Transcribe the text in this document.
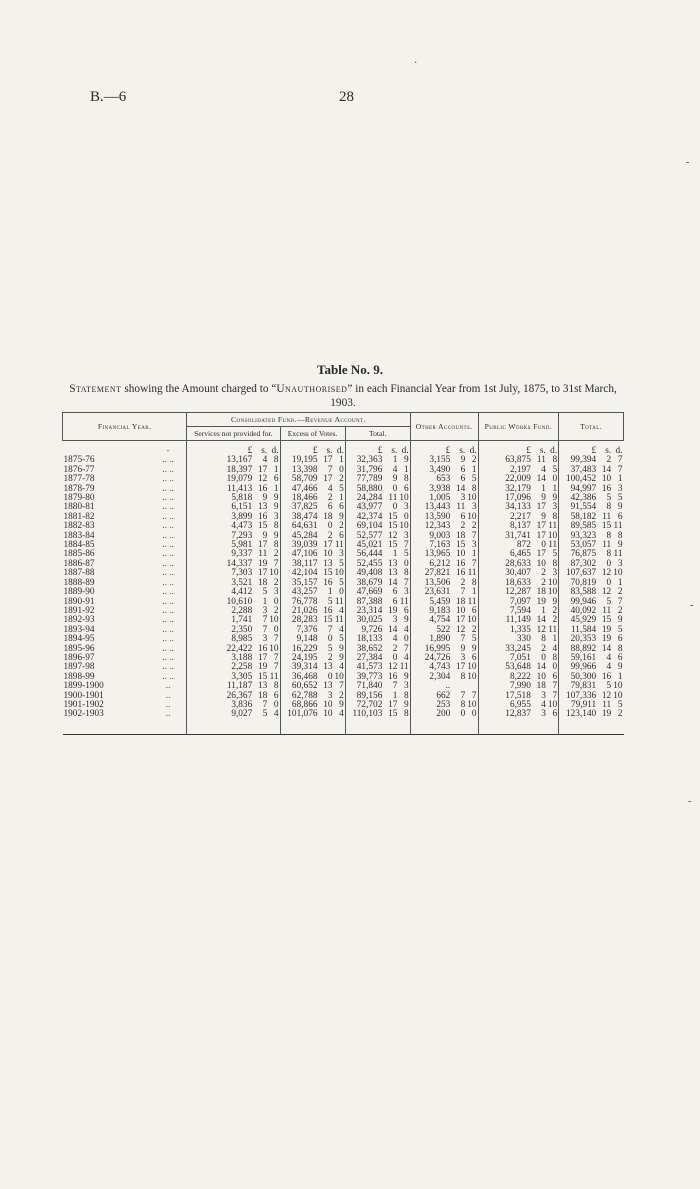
B.—6	28
·
-
-
-
Table No. 9.
Statement showing the Amount charged to “Unauthorised” in each Financial Year from 1st July, 1875, to 31st March, 1903.
Financial Year.		Consolidated Fund.—Revenue Account.									Other Accounts.			Public Works Fund.			Total.		
		Services not provided for.			Excess of Votes.			Total.											
	-	£	s.	d.	£	s.	d.	£	s.	d.	£	s.	d.	£	s.	d.	£	s.	d.
1875-76	.. ..	13,167	4	8	19,195	17	1	32,363	1	9	3,155	9	2	63,875	11	8	99,394	2	7
1876-77	.. ..	18,397	17	1	13,398	7	0	31,796	4	1	3,490	6	1	2,197	4	5	37,483	14	7
1877-78	.. ..	19,079	12	6	58,709	17	2	77,789	9	8	653	6	5	22,009	14	0	100,452	10	1
1878-79	.. ..	11,413	16	1	47,466	4	5	58,880	0	6	3,938	14	8	32,179	1	1	94,997	16	3
1879-80	.. ..	5,818	9	9	18,466	2	1	24,284	11	10	1,005	3	10	17,096	9	9	42,386	5	5
1880-81	.. ..	6,151	13	9	37,825	6	6	43,977	0	3	13,443	11	3	34,133	17	3	91,554	8	9
1881-82	.. ..	3,899	16	3	38,474	18	9	42,374	15	0	13,590	6	10	2,217	9	8	58,182	11	6
1882-83	.. ..	4,473	15	8	64,631	0	2	69,104	15	10	12,343	2	2	8,137	17	11	89,585	15	11
1883-84	.. ..	7,293	9	9	45,284	2	6	52,577	12	3	9,003	18	7	31,741	17	10	93,323	8	8
1884-85	.. ..	5,981	17	8	39,039	17	11	45,021	15	7	7,163	15	3	872	0	11	53,057	11	9
1885-86	.. ..	9,337	11	2	47,106	10	3	56,444	1	5	13,965	10	1	6,465	17	5	76,875	8	11
1886-87	.. ..	14,337	19	7	38,117	13	5	52,455	13	0	6,212	16	7	28,633	10	8	87,302	0	3
1887-88	.. ..	7,303	17	10	42,104	15	10	49,408	13	8	27,821	16	11	30,407	2	3	107,637	12	10
1888-89	.. ..	3,521	18	2	35,157	16	5	38,679	14	7	13,506	2	8	18,633	2	10	70,819	0	1
1889-90	.. ..	4,412	5	3	43,257	1	0	47,669	6	3	23,631	7	1	12,287	18	10	83,588	12	2
1890-91	.. ..	10,610	1	0	76,778	5	11	87,388	6	11	5,459	18	11	7,097	19	9	99,946	5	7
1891-92	.. ..	2,288	3	2	21,026	16	4	23,314	19	6	9,183	10	6	7,594	1	2	40,092	11	2
1892-93	.. ..	1,741	7	10	28,283	15	11	30,025	3	9	4,754	17	10	11,149	14	2	45,929	15	9
1893-94	.. ..	2,350	7	0	7,376	7	4	9,726	14	4	522	12	2	1,335	12	11	11,584	19	5
1894-95	.. ..	8,985	3	7	9,148	0	5	18,133	4	0	1,890	7	5	330	8	1	20,353	19	6
1895-96	.. ..	22,422	16	10	16,229	5	9	38,652	2	7	16,995	9	9	33,245	2	4	88,892	14	8
1896-97	.. ..	3,188	17	7	24,195	2	9	27,384	0	4	24,726	3	6	7,051	0	8	59,161	4	6
1897-98	.. ..	2,258	19	7	39,314	13	4	41,573	12	11	4,743	17	10	53,648	14	0	99,966	4	9
1898-99	.. ..	3,305	15	11	36,468	0	10	39,773	16	9	2,304	8	10	8,222	10	6	50,300	16	1
1899-1900	..	11,187	13	8	60,652	13	7	71,840	7	3	..			7,990	18	7	79,831	5	10
1900-1901	..	26,367	18	6	62,788	3	2	89,156	1	8	662	7	7	17,518	3	7	107,336	12	10
1901-1902	..	3,836	7	0	68,866	10	9	72,702	17	9	253	8	10	6,955	4	10	79,911	11	5
1902-1903	..	9,027	5	4	101,076	10	4	110,103	15	8	200	0	0	12,837	3	6	123,140	19	2
